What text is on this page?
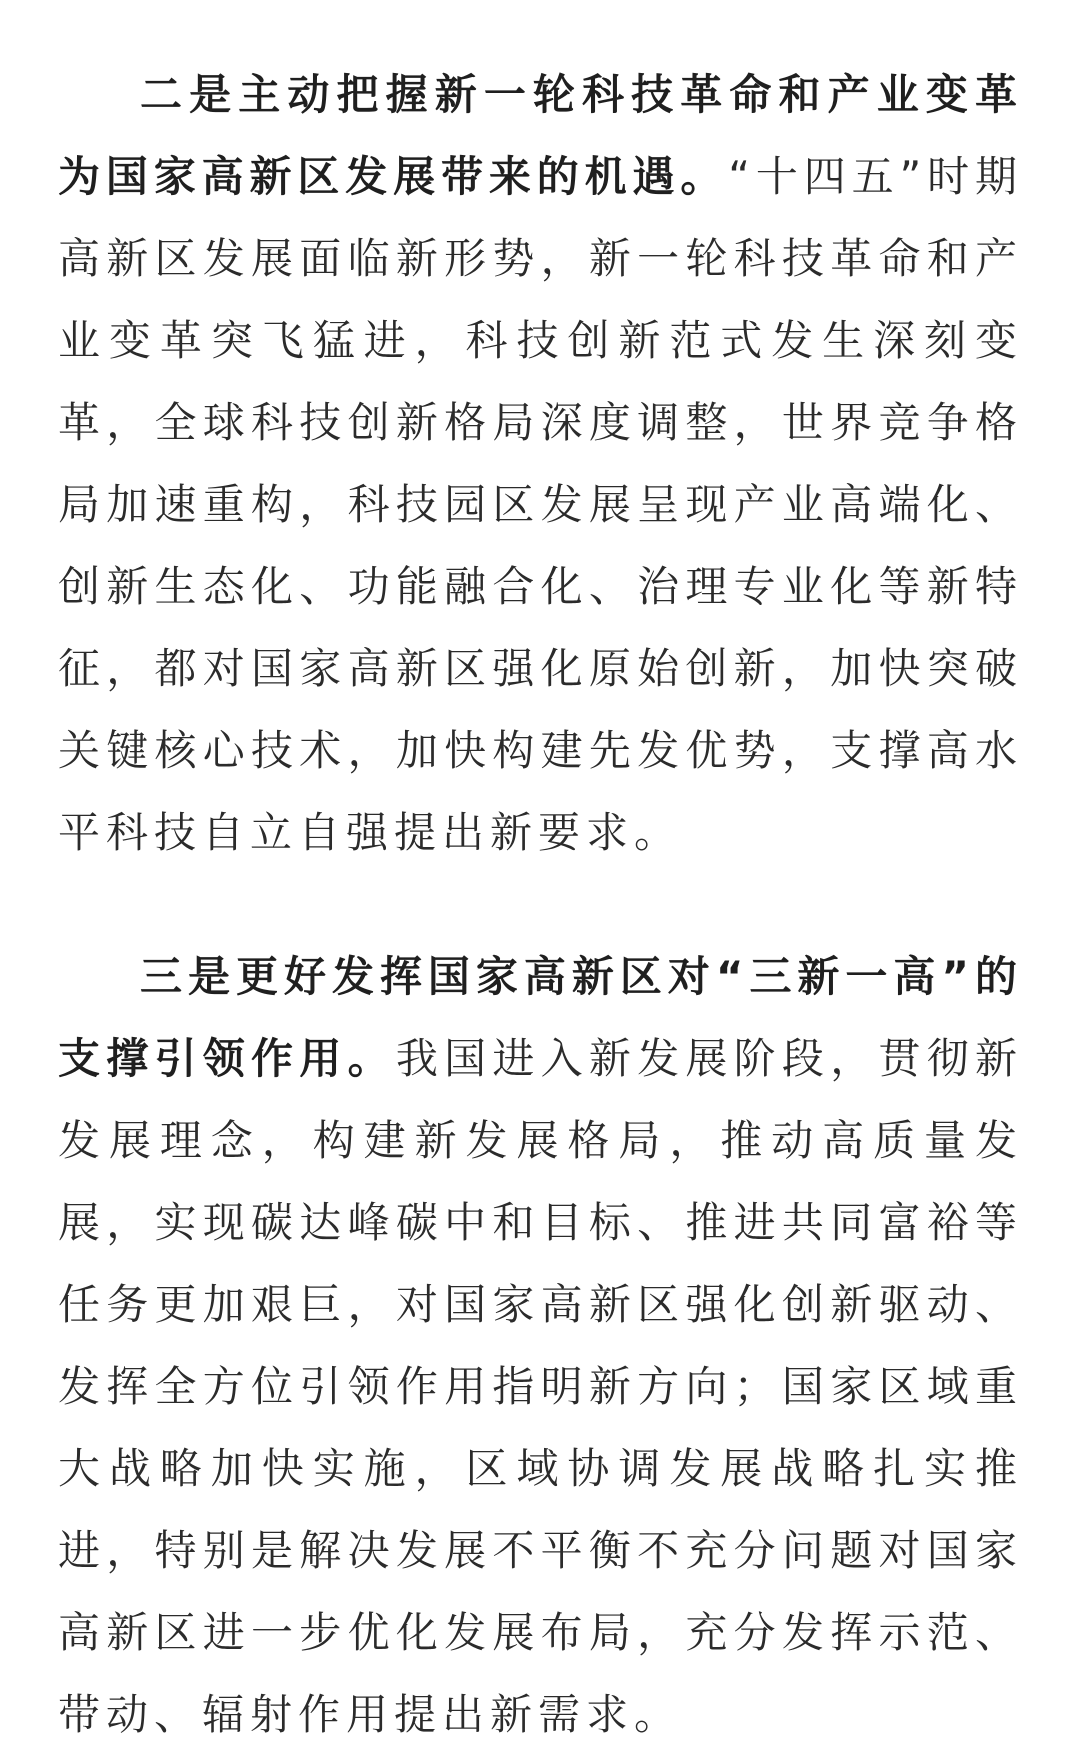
二是主动把握新一轮科技革命和产业变革
为国家高新区发展带来的机遇。“十四五”时期
高新区发展面临新形势，新一轮科技革命和产
业变革突飞猛进，科技创新范式发生深刻变
革，全球科技创新格局深度调整，世界竞争格
局加速重构，科技园区发展呈现产业高端化、
创新生态化、功能融合化、治理专业化等新特
征，都对国家高新区强化原始创新，加快突破
关键核心技术，加快构建先发优势，支撑高水
平科技自立自强提出新要求。
三是更好发挥国家高新区对“三新一高”的
支撑引领作用。我国进入新发展阶段，贯彻新
发展理念，构建新发展格局，推动高质量发
展，实现碳达峰碳中和目标、推进共同富裕等
任务更加艰巨，对国家高新区强化创新驱动、
发挥全方位引领作用指明新方向；国家区域重
大战略加快实施，区域协调发展战略扎实推
进，特别是解决发展不平衡不充分问题对国家
高新区进一步优化发展布局，充分发挥示范、
带动、辐射作用提出新需求。
